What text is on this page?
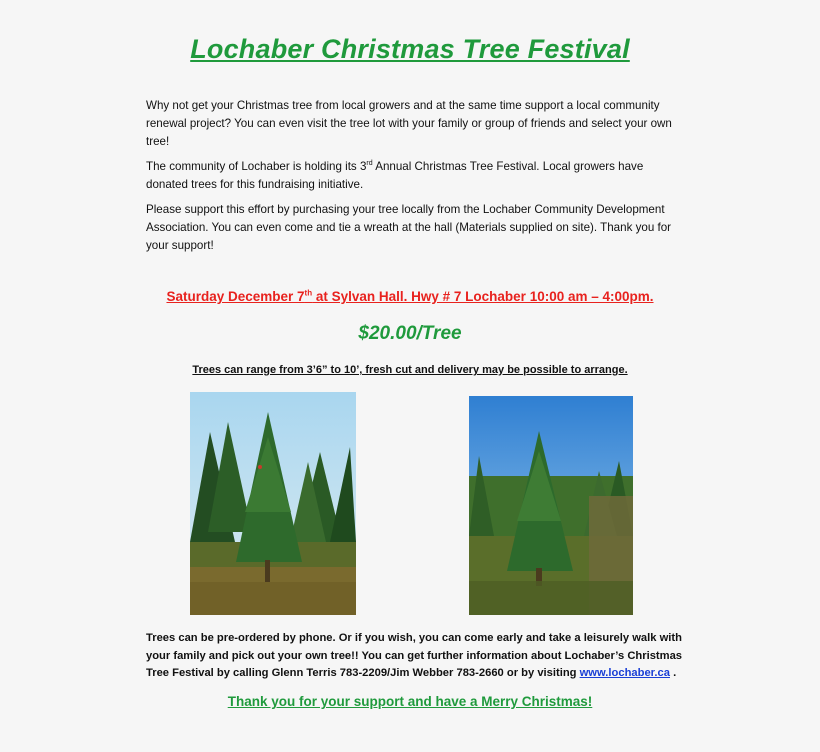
Lochaber Christmas Tree Festival

Why not get your Christmas tree from local growers and at the same time support a local community renewal project? You can even visit the tree lot with your family or group of friends and select your own tree!

The community of Lochaber is holding its 3rd Annual Christmas Tree Festival. Local growers have donated trees for this fundraising initiative.

Please support this effort by purchasing your tree locally from the Lochaber Community Development Association. You can even come and tie a wreath at the hall (Materials supplied on site). Thank you for your support!

Saturday December 7th at Sylvan Hall. Hwy # 7 Lochaber 10:00 am – 4:00pm.

$20.00/Tree

Trees can range from 3’6” to 10’, fresh cut and delivery may be possible to arrange.

Trees can be pre-ordered by phone. Or if you wish, you can come early and take a leisurely walk with your family and pick out your own tree!! You can get further information about Lochaber’s Christmas Tree Festival by calling Glenn Terris 783-2209/Jim Webber 783-2660 or by visiting www.lochaber.ca .

Thank you for your support and have a Merry Christmas!
